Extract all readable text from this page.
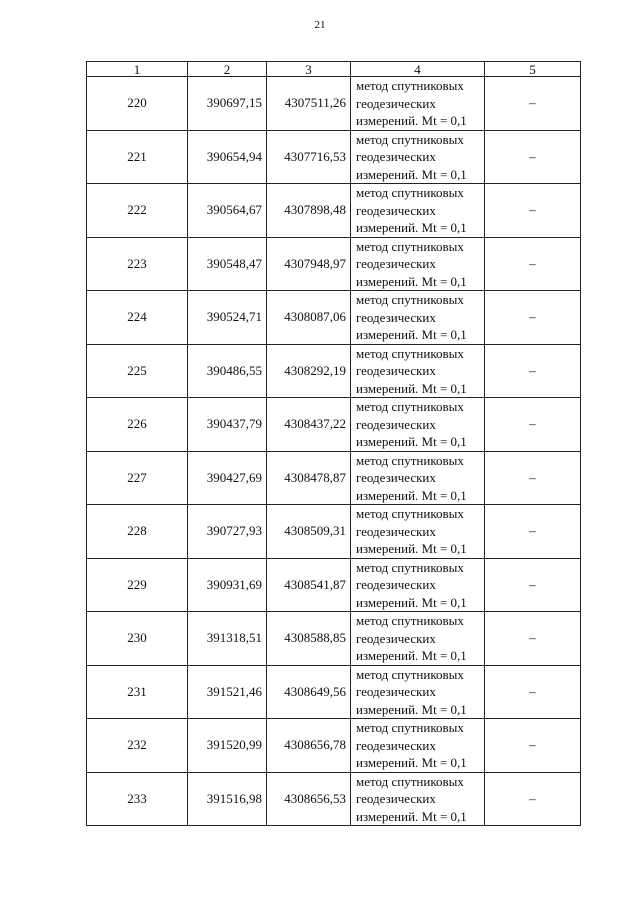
21
1	2	3	4	5
220	390697,15	4307511,26	метод спутниковых
геодезических
измерений. Mt = 0,1	–
221	390654,94	4307716,53	метод спутниковых
геодезических
измерений. Mt = 0,1	–
222	390564,67	4307898,48	метод спутниковых
геодезических
измерений. Mt = 0,1	–
223	390548,47	4307948,97	метод спутниковых
геодезических
измерений. Mt = 0,1	–
224	390524,71	4308087,06	метод спутниковых
геодезических
измерений. Mt = 0,1	–
225	390486,55	4308292,19	метод спутниковых
геодезических
измерений. Mt = 0,1	–
226	390437,79	4308437,22	метод спутниковых
геодезических
измерений. Mt = 0,1	–
227	390427,69	4308478,87	метод спутниковых
геодезических
измерений. Mt = 0,1	–
228	390727,93	4308509,31	метод спутниковых
геодезических
измерений. Mt = 0,1	–
229	390931,69	4308541,87	метод спутниковых
геодезических
измерений. Mt = 0,1	–
230	391318,51	4308588,85	метод спутниковых
геодезических
измерений. Mt = 0,1	–
231	391521,46	4308649,56	метод спутниковых
геодезических
измерений. Mt = 0,1	–
232	391520,99	4308656,78	метод спутниковых
геодезических
измерений. Mt = 0,1	–
233	391516,98	4308656,53	метод спутниковых
геодезических
измерений. Mt = 0,1	–
